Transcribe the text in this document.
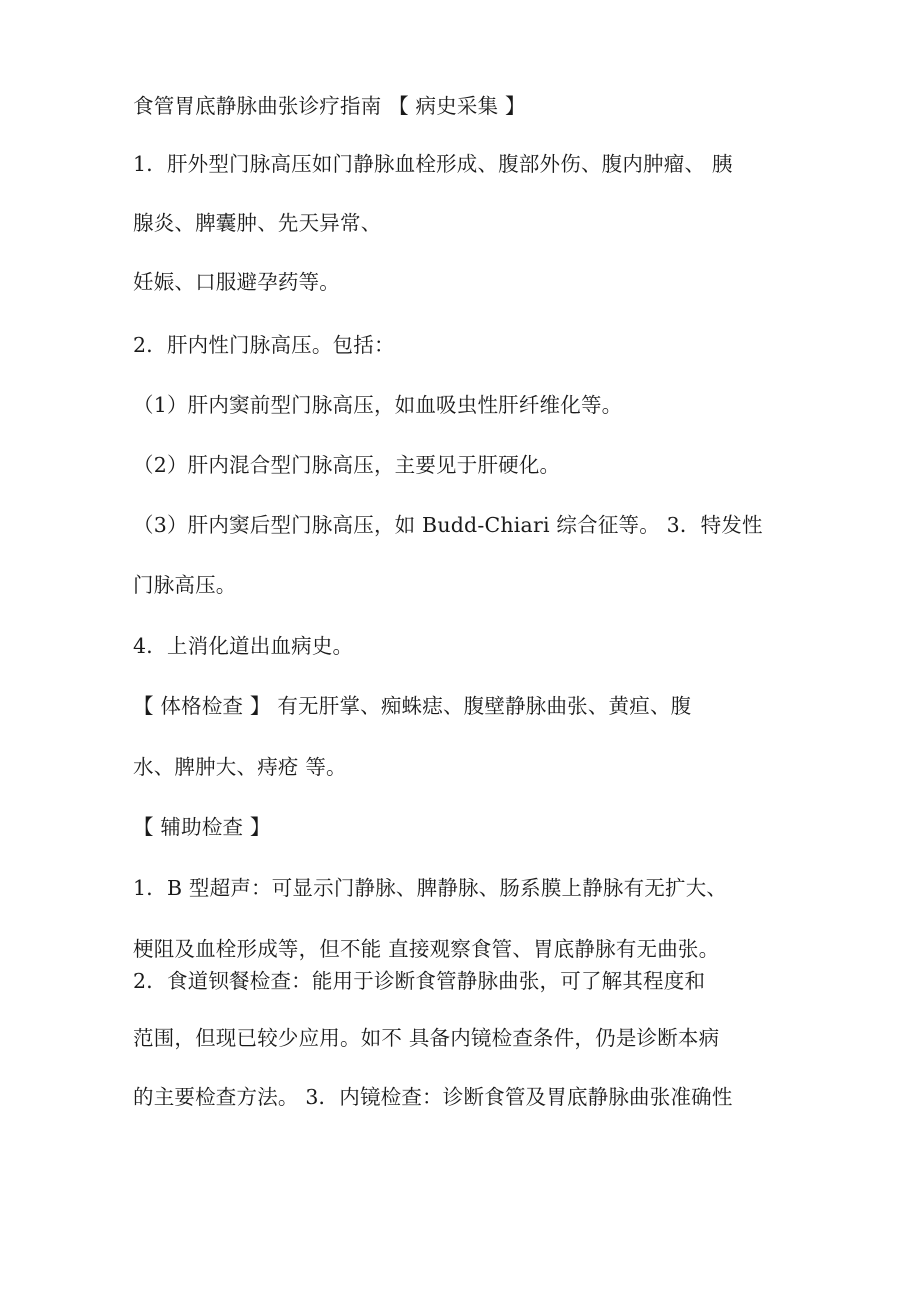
食管胃底静脉曲张诊疗指南 【 病史采集 】
1．肝外型门脉高压如门静脉血栓形成、腹部外伤、腹内肿瘤、 胰
腺炎、脾囊肿、先天异常、
妊娠、口服避孕药等。
2．肝内性门脉高压。包括：
（1）肝内窦前型门脉高压，如血吸虫性肝纤维化等。
（2）肝内混合型门脉高压，主要见于肝硬化。
（3）肝内窦后型门脉高压，如 Budd-Chiari 综合征等。 3．特发性
门脉高压。
4．上消化道出血病史。
【 体格检查 】 有无肝掌、痴蛛痣、腹壁静脉曲张、黄疸、腹
水、脾肿大、痔疮 等。
【 辅助检查 】
1．B 型超声：可显示门静脉、脾静脉、肠系膜上静脉有无扩大、
梗阻及血栓形成等，但不能 直接观察食管、胃底静脉有无曲张。
2．食道钡餐检查：能用于诊断食管静脉曲张，可了解其程度和
范围，但现已较少应用。如不 具备内镜检查条件，仍是诊断本病
的主要检查方法。 3．内镜检查：诊断食管及胃底静脉曲张准确性
